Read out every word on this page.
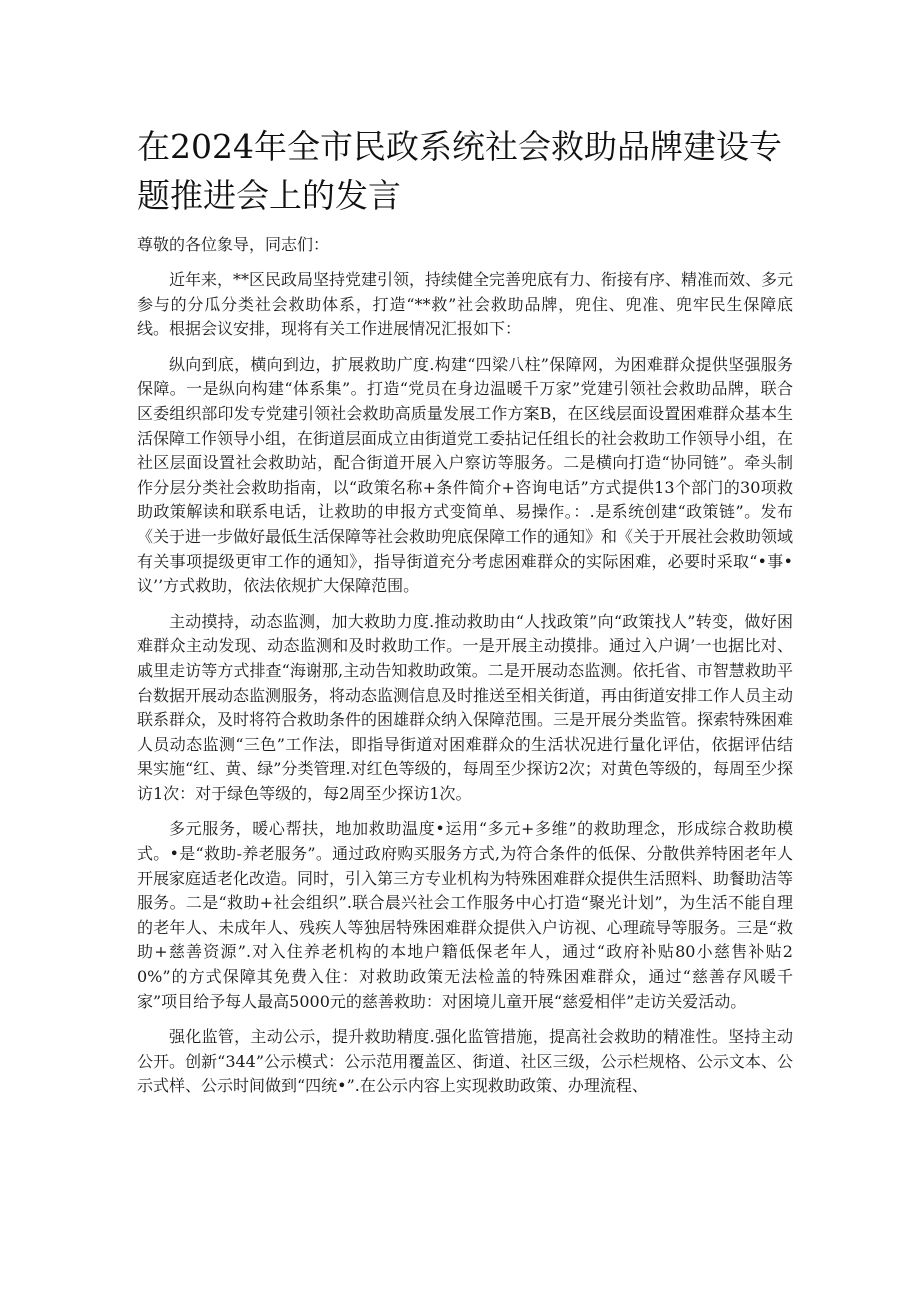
在2024年全市民政系统社会救助品牌建设专题推进会上的发言

尊敬的各位象导，同志们：

近年来，**区民政局坚持党建引领，持续健全完善兜底有力、衔接有序、精准而效、多元参与的分瓜分类社会救助体系，打造“**救”社会救助品牌，兜住、兜准、兜牢民生保障底线。根据会议安排，现将有关工作进展情况汇报如下：

纵向到底，横向到边，扩展救助广度.构建“四梁八柱”保障网，为困难群众提供坚强服务保障。一是纵向构建“体系集”。打造“党员在身边温暖千万家”党建引领社会救助品牌，联合区委组织部印发专党建引领社会救助高质量发展工作方案B，在区线层面设置困难群众基本生活保障工作领导小组，在街道层面成立由街道党工委拈记任组长的社会救助工作领导小组，在社区层面设置社会救助站，配合街道开展入户察访等服务。二是横向打造“协同链”。牵头制作分层分类社会救助指南，以“政策名称+条件简介+咨询电话”方式提供13个部门的30项救助政策解读和联系电话，让救助的申报方式变简单、易操作。：.是系统创建“政策链”。发布《关于进一步做好最低生活保障等社会救助兜底保障工作的通知》和《关于开展社会救助领域有关事项提级更审工作的通知》，指导街道充分考虑困难群众的实际困难，必要时采取“•事•议’’方式救助，依法依规扩大保障范围。

主动摸持，动态监测，加大救助力度.推动救助由“人找政策”向“政策找人”转变，做好困难群众主动发现、动态监测和及时救助工作。一是开展主动摸排。通过入户调’一也据比对、戚里走访等方式排查“海谢那,主动告知救助政策。二是开展动态监测。依托省、市智慧救助平台数据开展动态监测服务，将动态监测信息及时推送至相关街道，再由街道安排工作人员主动联系群众，及时将符合救助条件的困雄群众纳入保障范围。三是开展分类监管。探索特殊困难人员动态监测“三色”工作法，即指导街道对困难群众的生活状况进行量化评估，依据评估结果实施“红、黄、绿”分类管理.对红色等级的，每周至少探访2次；对黄色等级的，每周至少探访1次：对于绿色等级的，每2周至少探访1次。

多元服务，暖心帮扶，地加救助温度•运用“多元+多维”的救助理念，形成综合救助模式。•是“救助-养老服务”。通过政府购买服务方式,为符合条件的低保、分散供养特困老年人开展家庭适老化改造。同时，引入第三方专业机构为特殊困难群众提供生活照料、助餐助洁等服务。二是“救助+社会组织”.联合晨兴社会工作服务中心打造“聚光计划”，为生活不能自理的老年人、未成年人、残疾人等独居特殊困难群众提供入户访视、心理疏导等服务。三是“救助+慈善资源”.对入住养老机构的本地户籍低保老年人，通过“政府补贴80小慈售补贴20%”的方式保障其免费入住：对救助政策无法检盖的特殊困难群众，通过“慈善存风暖千家”项目给予每人最高5000元的慈善救助：对困境儿童开展“慈爱相伴”走访关爱活动。

强化监管，主动公示，提升救助精度.强化监管措施，提高社会救助的精准性。坚持主动公开。创新“344”公示模式：公示范用覆盖区、街道、社区三级，公示栏规格、公示文本、公示式样、公示时间做到“四统•”.在公示内容上实现救助政策、办理流程、
